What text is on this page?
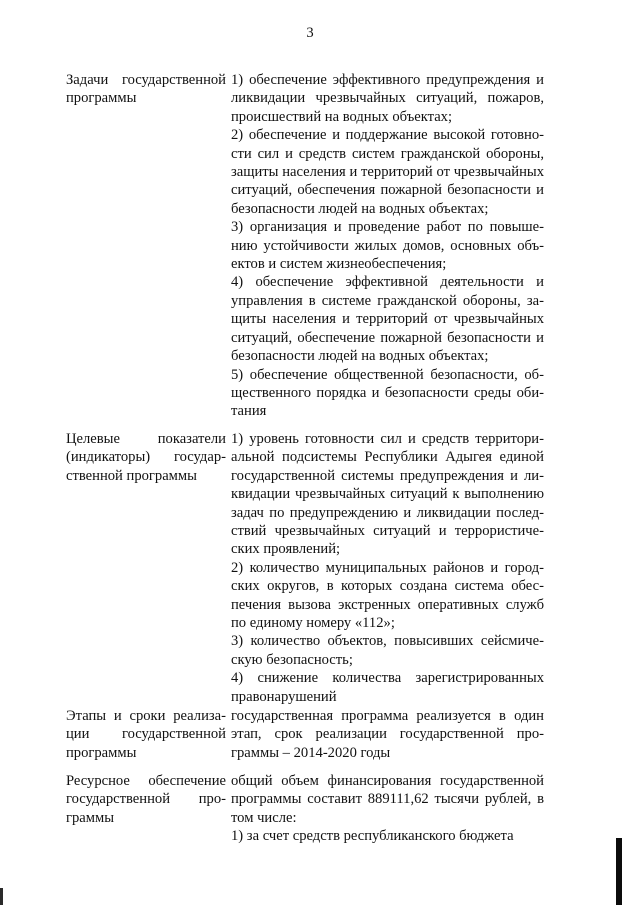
3
Задачи государственной программы

1) обеспечение эффективного предупреждения и ликвидации чрезвычайных ситуаций, пожаров, происшествий на водных объектах;

2) обеспечение и поддержание высокой готовности сил и средств систем гражданской обороны, защиты населения и территорий от чрезвычайных ситуаций, обеспечения пожарной безопасности и безопасности людей на водных объектах;

3) организация и проведение работ по повышению устойчивости жилых домов, основных объектов и систем жизнеобеспечения;

4) обеспечение эффективной деятельности и управления в системе гражданской обороны, защиты населения и территорий от чрезвычайных ситуаций, обеспечение пожарной безопасности и безопасности людей на водных объектах;

5) обеспечение общественной безопасности, общественного порядка и безопасности среды обитания

Целевые показатели (индикаторы) государственной программы

1) уровень готовности сил и средств территориальной подсистемы Республики Адыгея единой государственной системы предупреждения и ликвидации чрезвычайных ситуаций к выполнению задач по предупреждению и ликвидации последствий чрезвычайных ситуаций и террористических проявлений;

2) количество муниципальных районов и городских округов, в которых создана система обеспечения вызова экстренных оперативных служб по единому номеру «112»;

3) количество объектов, повысивших сейсмическую безопасность;

4) снижение количества зарегистрированных правонарушений

Этапы и сроки реализации государственной программы

государственная программа реализуется в один этап, срок реализации государственной программы – 2014-2020 годы

Ресурсное обеспечение государственной программы

общий объем финансирования государственной программы составит 889111,62 тысячи рублей, в том числе:

1) за счет средств республиканского бюджета
